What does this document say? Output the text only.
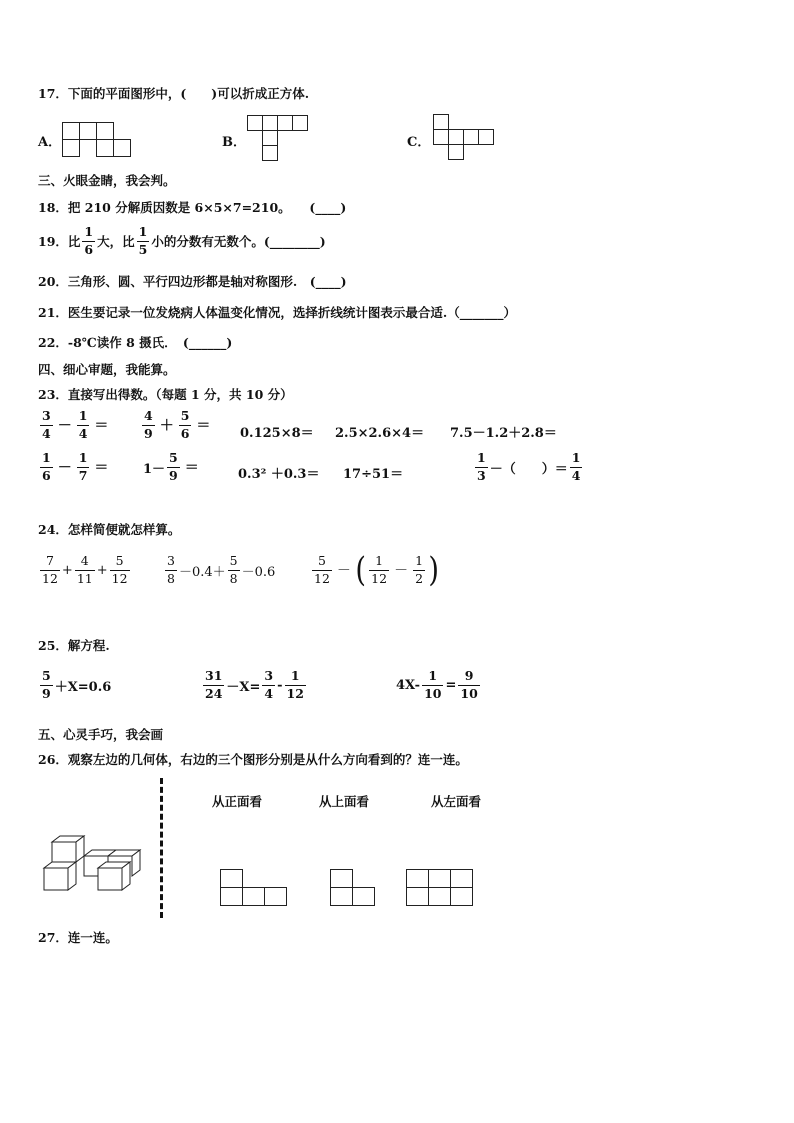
17．下面的平面图形中，(　　)可以折成正方体.
A．	B．	C．
三、火眼金睛，我会判。
18．把 210 分解质因数是 6×5×7=210。　　(____)
19．比 $\frac{1}{6}$ 大，比 $\frac{1}{5}$ 小的分数有无数个。(________)
20．三角形、圆、平行四边形都是轴对称图形.　(____)
21．医生要记录一位发烧病人体温变化情况，选择折线统计图表示最合适.（_______）
22．-8℃读作 8 摄氏．　(______)
四、细心审题，我能算。
23．直接写出得数。（每题 1 分，共 10 分）
$\frac{3}{4} - \frac{1}{4}$ ＝	$\frac{4}{9} + \frac{5}{6} = 0.125\times 8= 2.5\times 2.6\times 4= 7.5-1.2+2.8=$
$\frac{1}{6} - \frac{1}{7}$ ＝	$1- \frac{5}{9}$ ＝	0.3² ＋0.3＝ 17÷51＝	$\frac{1}{3}$ －（　　）＝ $\frac{1}{4}$
24．怎样简便就怎样算。
$\frac{7}{12} + \frac{4}{11} + \frac{5}{12}$	$\frac{3}{8} -0.4+ \frac{5}{8} -0.6$	$\frac{5}{12}$ － ( $\frac{1}{12} - \frac{1}{2}$ )
25．解方程.
$\frac{5}{9} +X=0.6$	$\frac{31}{24} -X= \frac{3}{4} - \frac{1}{12}$	$4X- \frac{1}{10} = \frac{9}{10}$
五、心灵手巧，我会画
26．观察左边的几何体，右边的三个图形分别是从什么方向看到的？连一连。
从正面看	从上面看	从左面看
27．连一连。
